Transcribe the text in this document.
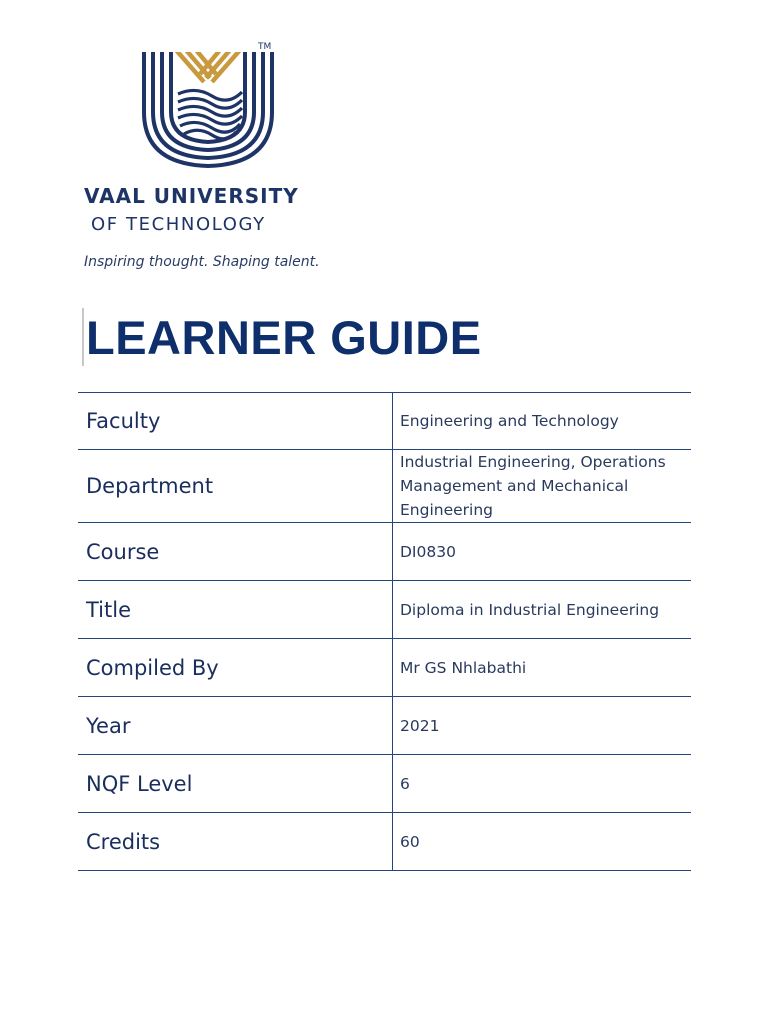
TM
VAAL UNIVERSITY
OF TECHNOLOGY
Inspiring thought. Shaping talent.
LEARNER GUIDE
Faculty	Engineering and Technology
Department	Industrial Engineering, Operations Management and Mechanical Engineering
Course	DI0830
Title	Diploma in Industrial Engineering
Compiled By	Mr GS Nhlabathi
Year	2021
NQF Level	6
Credits	60
